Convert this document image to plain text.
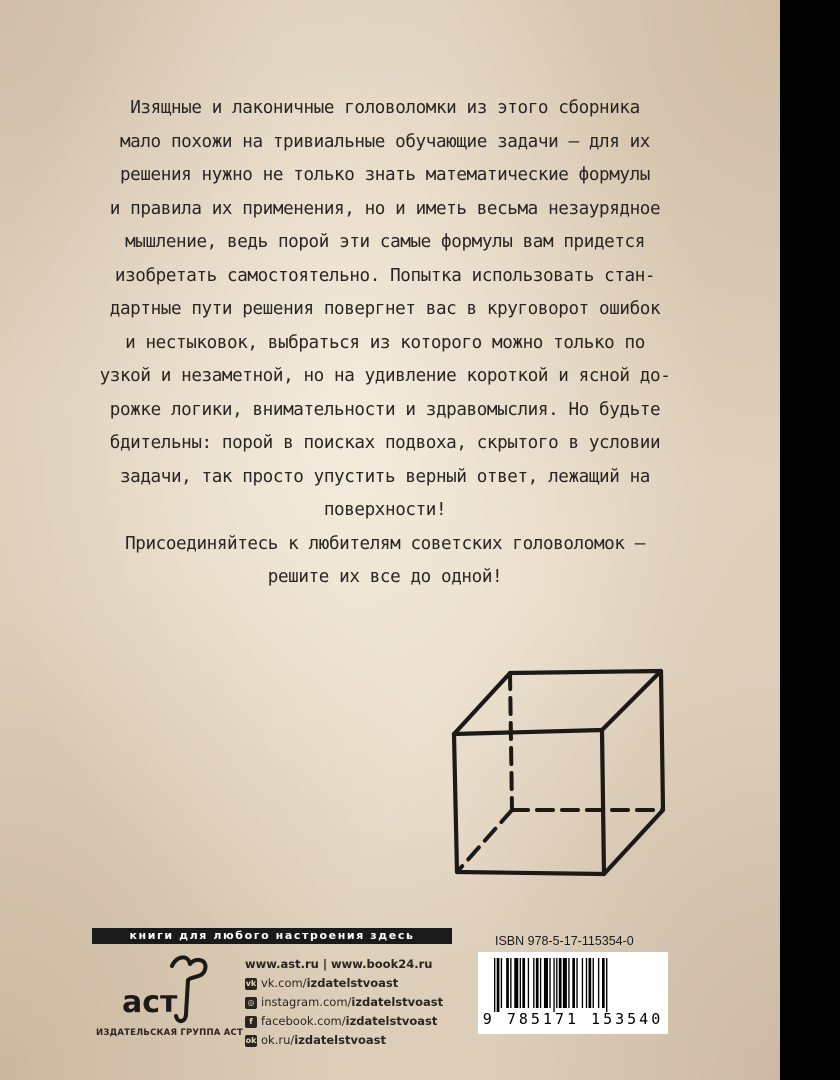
Изящные и лаконичные головоломки из этого сборника

мало похожи на тривиальные обучающие задачи — для их

решения нужно не только знать математические формулы

и правила их применения, но и иметь весьма незаурядное

мышление, ведь порой эти самые формулы вам придется

изобретать самостоятельно. Попытка использовать стан-

дартные пути решения повергнет вас в круговорот ошибок

и нестыковок, выбраться из которого можно только по

узкой и незаметной, но на удивление короткой и ясной до-

рожке логики, внимательности и здравомыслия. Но будьте

бдительны: порой в поисках подвоха, скрытого в условии

задачи, так просто упустить верный ответ, лежащий на

поверхности!

Присоединяйтесь к любителям советских головоломок —

решите их все до одной!

книги для любого настроения здесь
аст
ИЗДАТЕЛЬСКАЯ ГРУППА АСТ
www.ast.ru | www.book24.ru
vk vk.com/ izdatelstvoast
◎ instagram.com/ izdatelstvoast
f facebook.com/ izdatelstvoast
ok ok.ru/ izdatelstvoast
ISBN 978-5-17-115354-0
9 785171 153540
